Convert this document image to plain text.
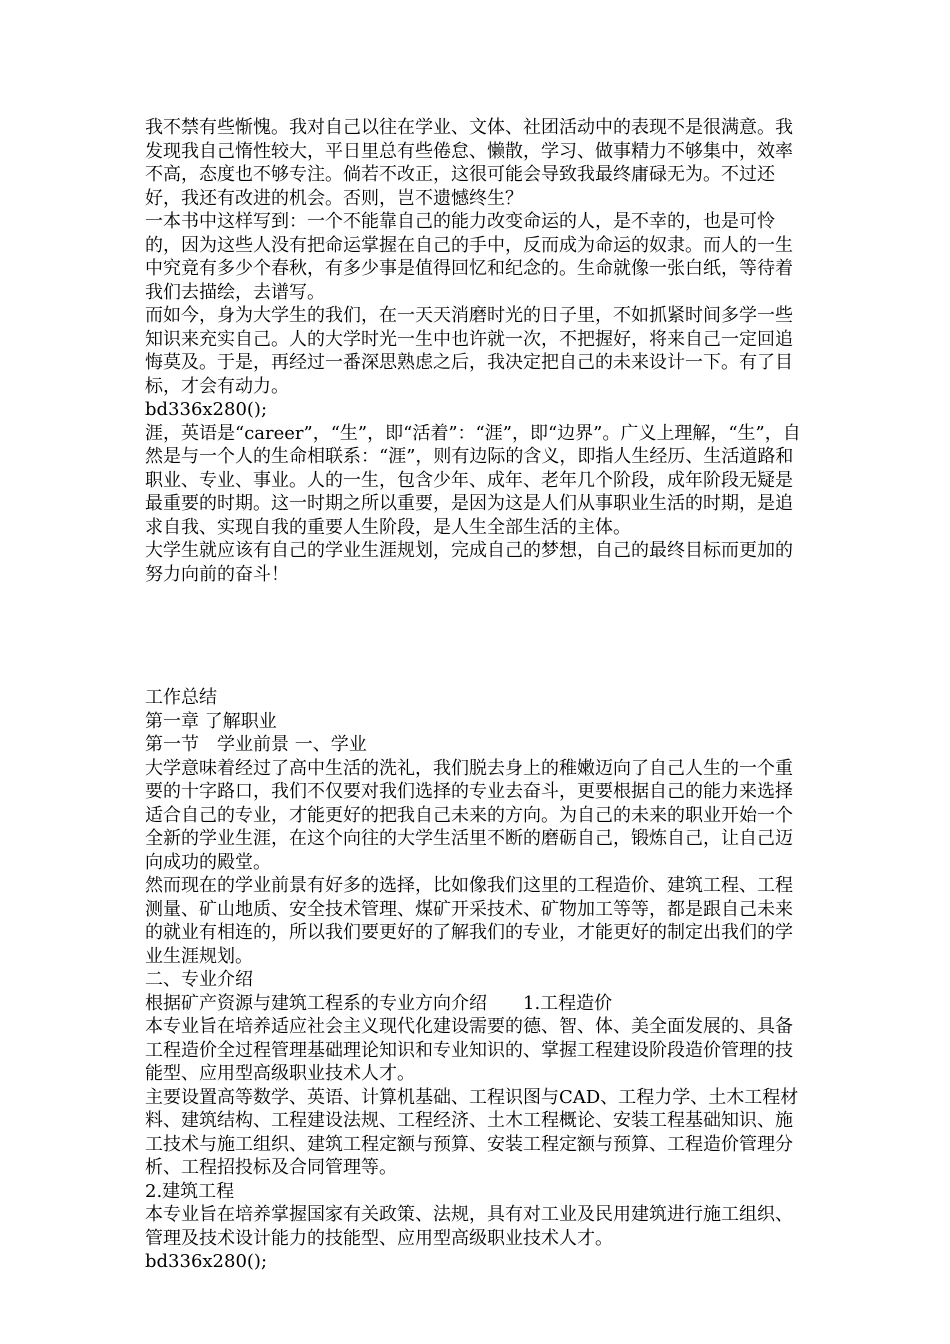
我不禁有些惭愧。我对自己以往在学业、文体、社团活动中的表现不是很满意。我发现我自己惰性较大，平日里总有些倦怠、懒散，学习、做事精力不够集中，效率不高，态度也不够专注。倘若不改正，这很可能会导致我最终庸碌无为。不过还好，我还有改进的机会。否则，岂不遗憾终生？

一本书中这样写到：一个不能靠自己的能力改变命运的人，是不幸的，也是可怜的，因为这些人没有把命运掌握在自己的手中，反而成为命运的奴隶。而人的一生中究竟有多少个春秋，有多少事是值得回忆和纪念的。生命就像一张白纸，等待着我们去描绘，去谱写。

而如今，身为大学生的我们，在一天天消磨时光的日子里，不如抓紧时间多学一些知识来充实自己。人的大学时光一生中也许就一次，不把握好，将来自己一定回追悔莫及。于是，再经过一番深思熟虑之后，我决定把自己的未来设计一下。有了目标，才会有动力。

bd336x280();

涯，英语是“career”，“生”，即“活着”：“涯”，即“边界”。广义上理解，“生”，自然是与一个人的生命相联系：“涯”，则有边际的含义，即指人生经历、生活道路和职业、专业、事业。人的一生，包含少年、成年、老年几个阶段，成年阶段无疑是最重要的时期。这一时期之所以重要，是因为这是人们从事职业生活的时期，是追求自我、实现自我的重要人生阶段，是人生全部生活的主体。

大学生就应该有自己的学业生涯规划，完成自己的梦想，自己的最终目标而更加的努力向前的奋斗！

工作总结

第一章 了解职业

第一节　学业前景 一、学业

大学意味着经过了高中生活的洗礼，我们脱去身上的稚嫩迈向了自己人生的一个重要的十字路口，我们不仅要对我们选择的专业去奋斗，更要根据自己的能力来选择适合自己的专业，才能更好的把我自己未来的方向。为自己的未来的职业开始一个全新的学业生涯，在这个向往的大学生活里不断的磨砺自己，锻炼自己，让自己迈向成功的殿堂。

然而现在的学业前景有好多的选择，比如像我们这里的工程造价、建筑工程、工程测量、矿山地质、安全技术管理、煤矿开采技术、矿物加工等等，都是跟自己未来的就业有相连的，所以我们要更好的了解我们的专业，才能更好的制定出我们的学业生涯规划。

二、专业介绍

根据矿产资源与建筑工程系的专业方向介绍　　1.工程造价

本专业旨在培养适应社会主义现代化建设需要的德、智、体、美全面发展的、具备工程造价全过程管理基础理论知识和专业知识的、掌握工程建设阶段造价管理的技能型、应用型高级职业技术人才。

主要设置高等数学、英语、计算机基础、工程识图与CAD、工程力学、土木工程材料、建筑结构、工程建设法规、工程经济、土木工程概论、安装工程基础知识、施工技术与施工组织、建筑工程定额与预算、安装工程定额与预算、工程造价管理分析、工程招投标及合同管理等。

2.建筑工程

本专业旨在培养掌握国家有关政策、法规，具有对工业及民用建筑进行施工组织、管理及技术设计能力的技能型、应用型高级职业技术人才。

bd336x280();
